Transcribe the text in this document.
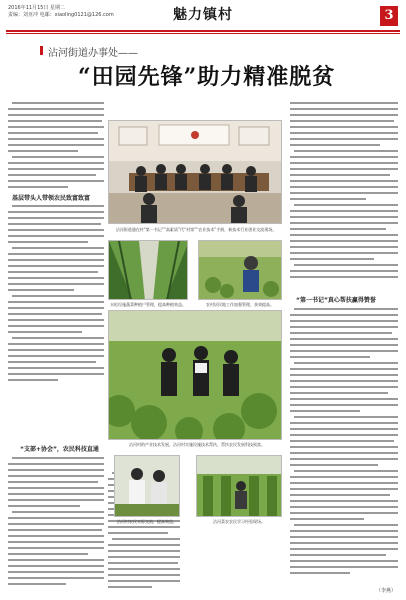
2016年11月15日 星期二
责编：刘亚冲 电邮：xiaoling0121@126.com	魅力镇村	3
沾河街道办事处——
“田园先锋”助力精准脱贫
基层带头人带领农民致富致富
“支部+协会”，农民科技直通
沾河街道通在村“第一书记”“高素质”代“村第”“农业技术”手册，新技术行业创业交流现场。
水松设施蔬菜种植户管理，提高种植效益。	农村居民地工作加强管理，获效提高。
沾河村的产业技术发展，沾河村实施设施技术帮扶，帮扶农民发展科技致富。
沾河村农民实际交流，提高效益。	沾河菜农农民学习经验现场。
“第一书记”真心帮扶赢得赞誉
（李燕）
